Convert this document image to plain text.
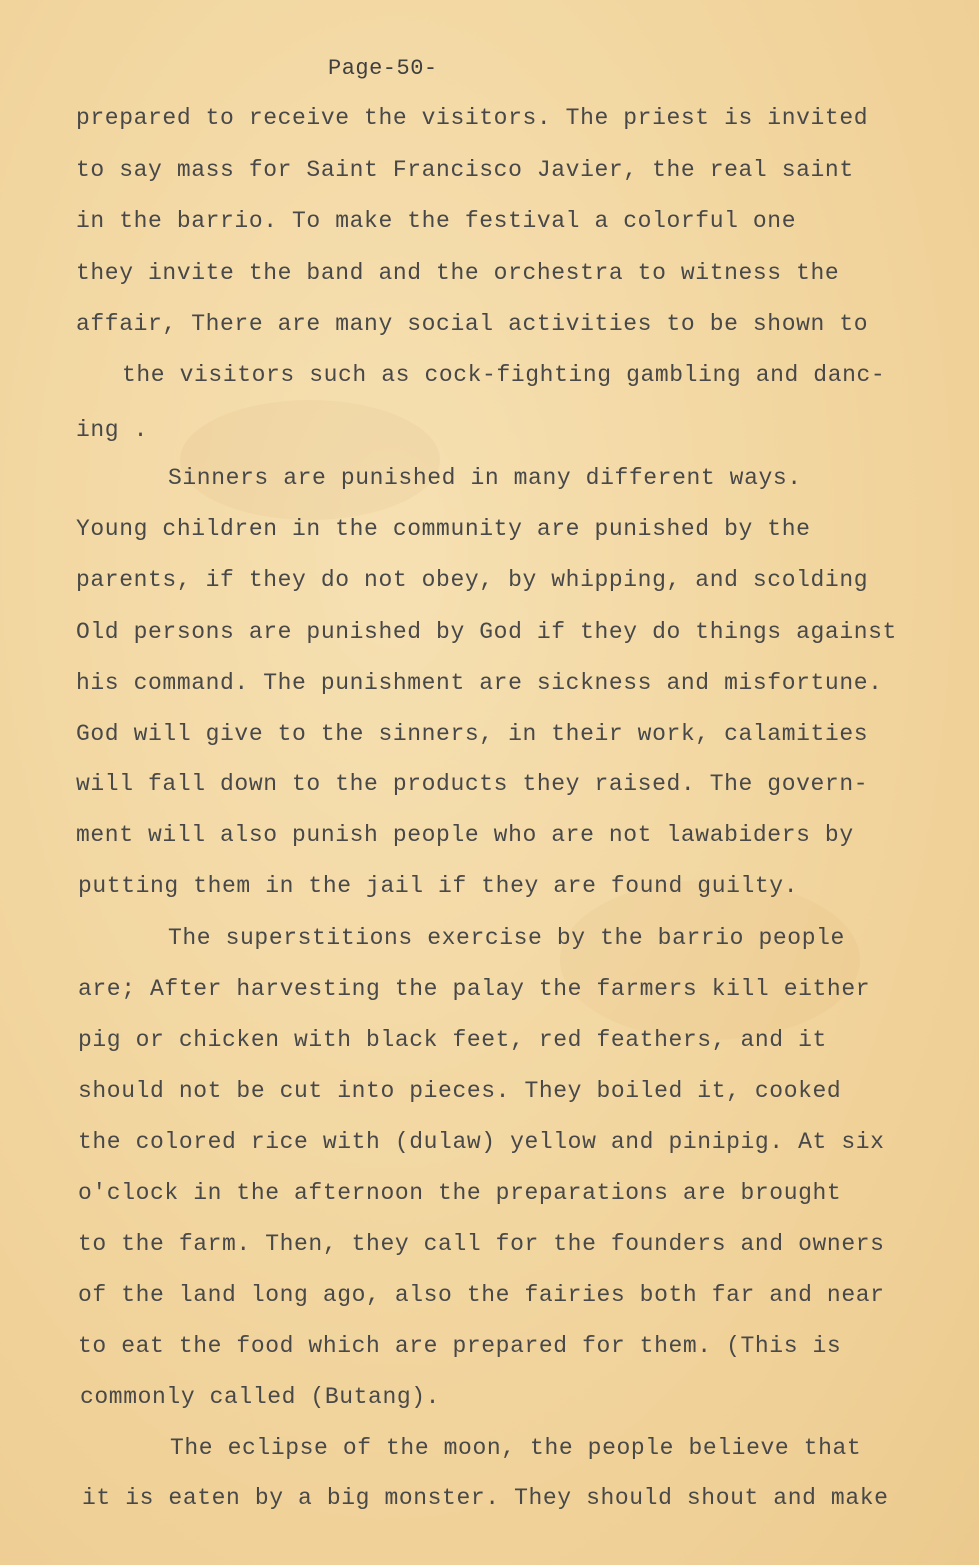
Page-50-
prepared to receive the visitors. The priest is invited
to say mass for Saint Francisco Javier, the real saint
in the barrio. To make the festival a colorful one
they invite the band and the orchestra to witness the
affair, There are many social activities to be shown to
the visitors such as cock-fighting gambling and danc-
ing .
Sinners are punished in many different ways.
Young children in the community are punished by the
parents, if they do not obey, by whipping, and scolding
Old persons are punished by God if they do things against
his command. The punishment are sickness and misfortune.
God will give to the sinners, in their work, calamities
will fall down to the products they raised. The govern-
ment will also punish people who are not lawabiders by
putting them in the jail if they are found guilty.
The superstitions exercise by the barrio people
are; After harvesting the palay the farmers kill either
pig or chicken with black feet, red feathers, and it
should not be cut into pieces. They boiled it, cooked
the colored rice with (dulaw) yellow and pinipig. At six
o'clock in the afternoon the preparations are brought
to the farm. Then, they call for the founders and owners
of the land long ago, also the fairies both far and near
to eat the food which are prepared for them. (This is
commonly called (Butang).
The eclipse of the moon, the people believe that
it is eaten by a big monster. They should shout and make
